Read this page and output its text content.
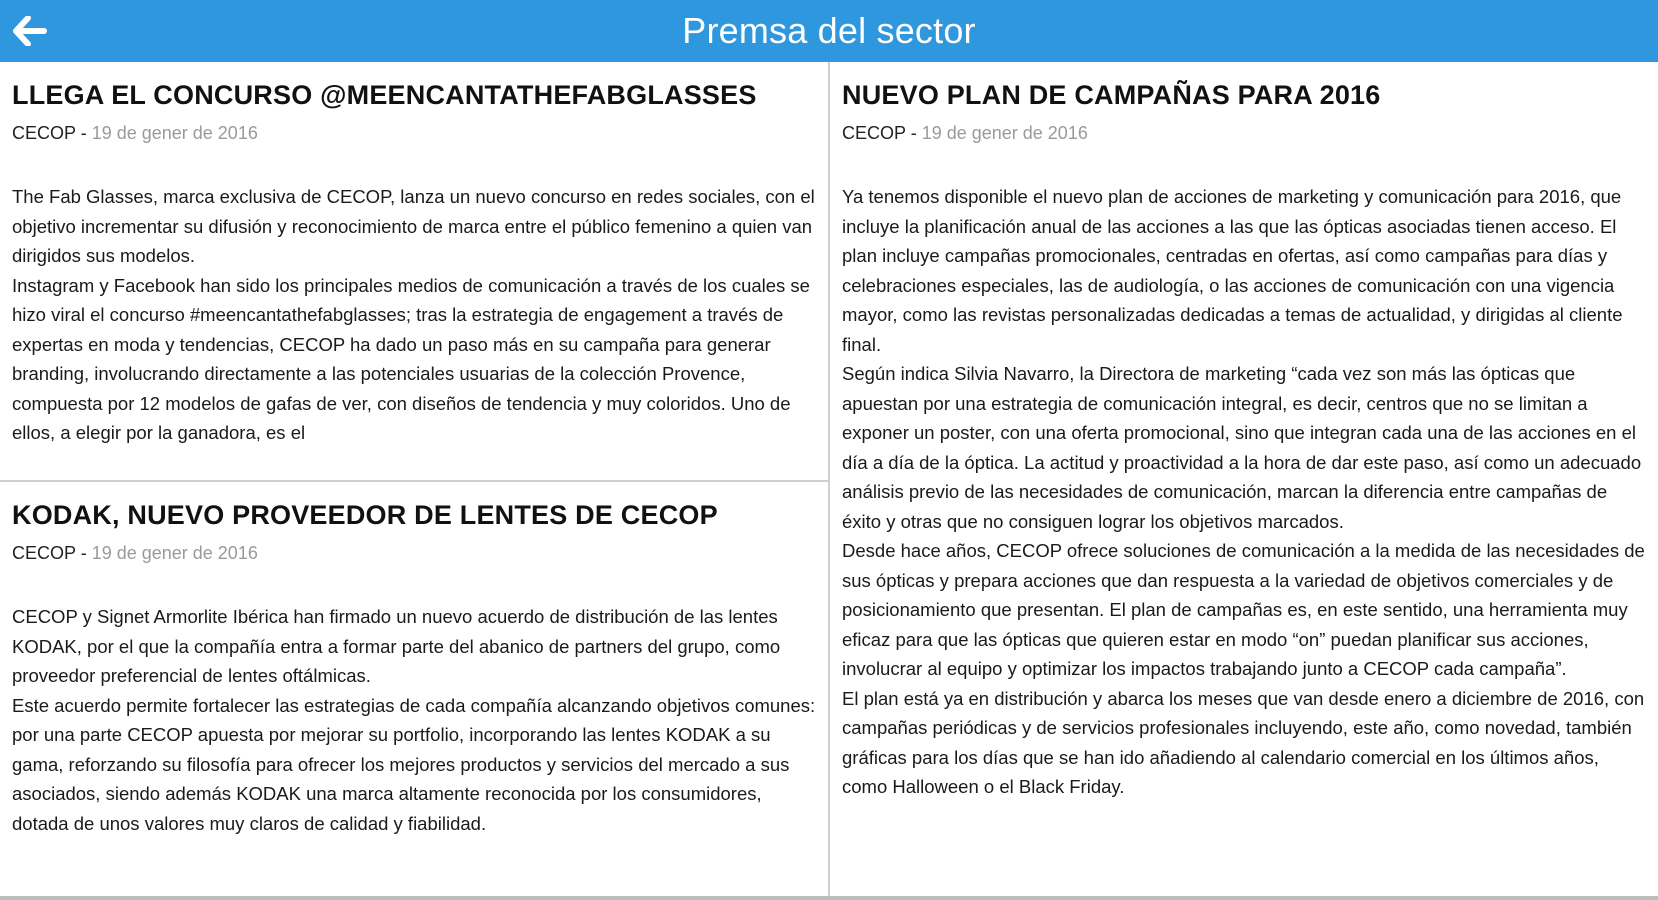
Premsa del sector
LLEGA EL CONCURSO @MEENCANTATHEFABGLASSES
CECOP - 19 de gener de 2016

The Fab Glasses, marca exclusiva de CECOP, lanza un nuevo concurso en redes sociales, con el objetivo incrementar su difusión y reconocimiento de marca entre el público femenino a quien van dirigidos sus modelos.

Instagram y Facebook han sido los principales medios de comunicación a través de los cuales se hizo viral el concurso #meencantathefabglasses; tras la estrategia de engagement a través de expertas en moda y tendencias, CECOP ha dado un paso más en su campaña para generar branding, involucrando directamente a las potenciales usuarias de la colección Provence, compuesta por 12 modelos de gafas de ver, con diseños de tendencia y muy coloridos. Uno de ellos, a elegir por la ganadora, es el

KODAK, NUEVO PROVEEDOR DE LENTES DE CECOP
CECOP - 19 de gener de 2016

CECOP y Signet Armorlite Ibérica han firmado un nuevo acuerdo de distribución de las lentes KODAK, por el que la compañía entra a formar parte del abanico de partners del grupo, como proveedor preferencial de lentes oftálmicas.

Este acuerdo permite fortalecer las estrategias de cada compañía alcanzando objetivos comunes: por una parte CECOP apuesta por mejorar su portfolio, incorporando las lentes KODAK a su gama, reforzando su filosofía para ofrecer los mejores productos y servicios del mercado a sus asociados, siendo además KODAK una marca altamente reconocida por los consumidores, dotada de unos valores muy claros de calidad y fiabilidad.

NUEVO PLAN DE CAMPAÑAS PARA 2016
CECOP - 19 de gener de 2016

Ya tenemos disponible el nuevo plan de acciones de marketing y comunicación para 2016, que incluye la planificación anual de las acciones a las que las ópticas asociadas tienen acceso. El plan incluye campañas promocionales, centradas en ofertas, así como campañas para días y celebraciones especiales, las de audiología, o las acciones de comunicación con una vigencia mayor, como las revistas personalizadas dedicadas a temas de actualidad, y dirigidas al cliente final.

Según indica Silvia Navarro, la Directora de marketing “cada vez son más las ópticas que apuestan por una estrategia de comunicación integral, es decir, centros que no se limitan a exponer un poster, con una oferta promocional, sino que integran cada una de las acciones en el día a día de la óptica. La actitud y proactividad a la hora de dar este paso, así como un adecuado análisis previo de las necesidades de comunicación, marcan la diferencia entre campañas de éxito y otras que no consiguen lograr los objetivos marcados.

Desde hace años, CECOP ofrece soluciones de comunicación a la medida de las necesidades de sus ópticas y prepara acciones que dan respuesta a la variedad de objetivos comerciales y de posicionamiento que presentan. El plan de campañas es, en este sentido, una herramienta muy eficaz para que las ópticas que quieren estar en modo “on” puedan planificar sus acciones, involucrar al equipo y optimizar los impactos trabajando junto a CECOP cada campaña”.

El plan está ya en distribución y abarca los meses que van desde enero a diciembre de 2016, con campañas periódicas y de servicios profesionales incluyendo, este año, como novedad, también gráficas para los días que se han ido añadiendo al calendario comercial en los últimos años, como Halloween o el Black Friday.
